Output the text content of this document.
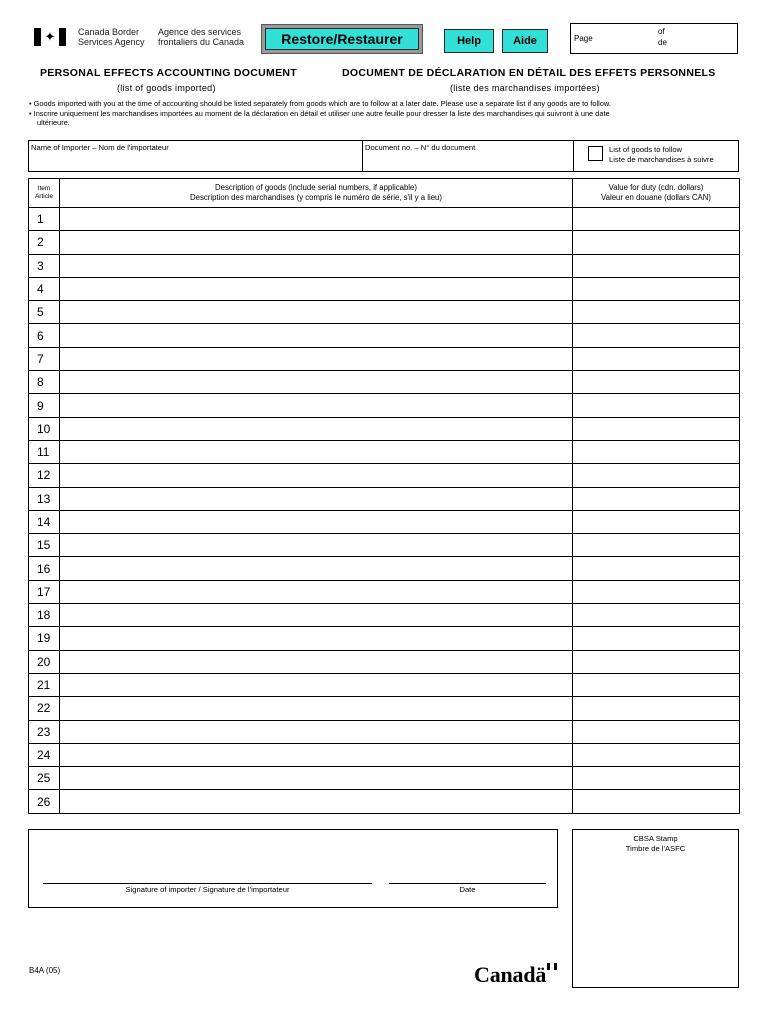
✦	Canada Border
Services Agency
Agence des services
frontaliers du Canada	Restore/Restaurer	Help	Aide	Page
of
de
PERSONAL EFFECTS ACCOUNTING DOCUMENT
(list of goods imported)
DOCUMENT DE DÉCLARATION EN DÉTAIL DES EFFETS PERSONNELS
(liste des marchandises importées)
• Goods imported with you at the time of accounting should be listed separately from goods which are to follow at a later date. Please use a separate list if any goods are to follow.
• Inscrire uniquement les marchandises importées au moment de la déclaration en détail et utiliser une autre feuille pour dresser la liste des marchandises qui suivront à une date
ultérieure.
Name of Importer – Nom de l'importateur	Document no. – N° du document	List of goods to follow
Liste de marchandises à suivre
Item
Article	Description of goods (include serial numbers, if applicable)
Description des marchandises (y compris le numéro de série, s'il y a lieu)	Value for duty (cdn. dollars)
Valeur en douane (dollars CAN)

1		
2		
3		
4		
5		
6		
7		
8		
9		
10		
11		
12		
13		
14		
15		
16		
17		
18		
19		
20		
21		
22		
23		
24		
25		
26		
Signature of importer / Signature de l'importateur	Date
CBSA Stamp
Timbre de l'ASFC
B4A (05)	Canadä
